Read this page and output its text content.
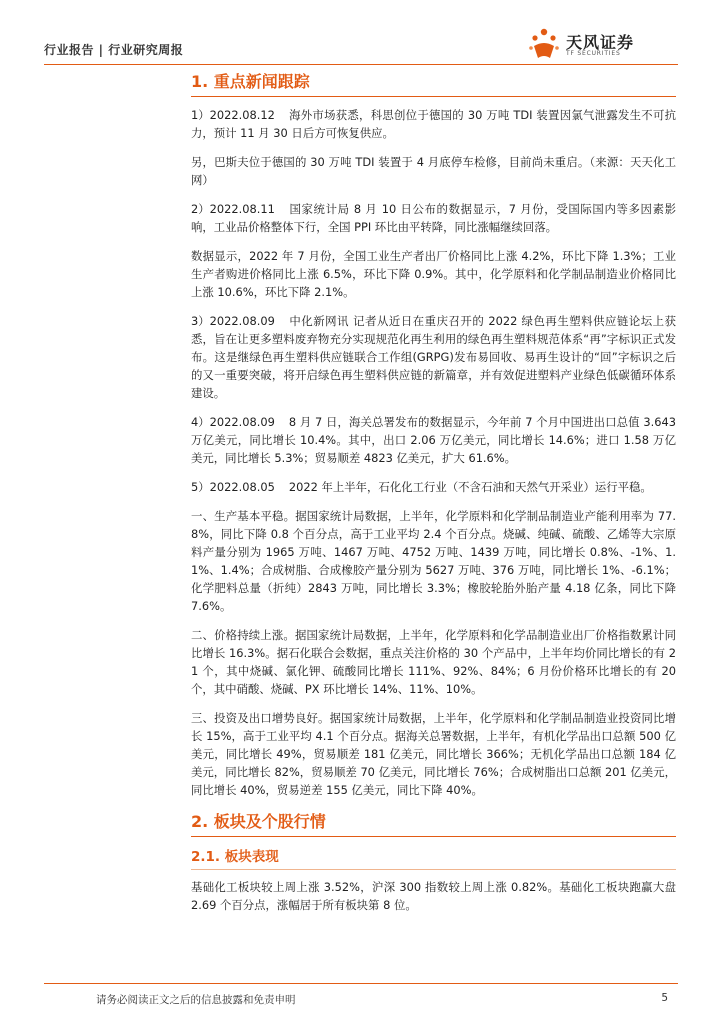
行业报告 | 行业研究周报	天风证券
TF SECURITIES
1. 重点新闻跟踪

1）2022.08.12 海外市场获悉，科思创位于德国的 30 万吨 TDI 装置因氯气泄露发生不可抗力，预计 11 月 30 日后方可恢复供应。

另，巴斯夫位于德国的 30 万吨 TDI 装置于 4 月底停车检修，目前尚未重启。（来源：天天化工网）

2）2022.08.11 国家统计局 8 月 10 日公布的数据显示，7 月份，受国际国内等多因素影响，工业品价格整体下行，全国 PPI 环比由平转降，同比涨幅继续回落。

数据显示，2022 年 7 月份，全国工业生产者出厂价格同比上涨 4.2%，环比下降 1.3%；工业生产者购进价格同比上涨 6.5%，环比下降 0.9%。其中，化学原料和化学制品制造业价格同比上涨 10.6%，环比下降 2.1%。

3）2022.08.09 中化新网讯 记者从近日在重庆召开的 2022 绿色再生塑料供应链论坛上获悉，旨在让更多塑料废弃物充分实现规范化再生利用的绿色再生塑料规范体系“再”字标识正式发布。这是继绿色再生塑料供应链联合工作组(GRPG)发布易回收、易再生设计的“回”字标识之后的又一重要突破，将开启绿色再生塑料供应链的新篇章，并有效促进塑料产业绿色低碳循环体系建设。

4）2022.08.09 8 月 7 日，海关总署发布的数据显示，今年前 7 个月中国进出口总值 3.643 万亿美元，同比增长 10.4%。其中，出口 2.06 万亿美元，同比增长 14.6%；进口 1.58 万亿美元，同比增长 5.3%；贸易顺差 4823 亿美元，扩大 61.6%。

5）2022.08.05 2022 年上半年，石化化工行业（不含石油和天然气开采业）运行平稳。

一、生产基本平稳。据国家统计局数据，上半年，化学原料和化学制品制造业产能利用率为 77.8%，同比下降 0.8 个百分点，高于工业平均 2.4 个百分点。烧碱、纯碱、硫酸、乙烯等大宗原料产量分别为 1965 万吨、1467 万吨、4752 万吨、1439 万吨，同比增长 0.8%、-1%、1.1%、1.4%；合成树脂、合成橡胶产量分别为 5627 万吨、376 万吨，同比增长 1%、-6.1%；化学肥料总量（折纯）2843 万吨，同比增长 3.3%；橡胶轮胎外胎产量 4.18 亿条，同比下降 7.6%。

二、价格持续上涨。据国家统计局数据，上半年，化学原料和化学品制造业出厂价格指数累计同比增长 16.3%。据石化联合会数据，重点关注价格的 30 个产品中，上半年均价同比增长的有 21 个，其中烧碱、氯化钾、硫酸同比增长 111%、92%、84%；6 月份价格环比增长的有 20 个，其中硝酸、烧碱、PX 环比增长 14%、11%、10%。

三、投资及出口增势良好。据国家统计局数据，上半年，化学原料和化学制品制造业投资同比增长 15%，高于工业平均 4.1 个百分点。据海关总署数据，上半年，有机化学品出口总额 500 亿美元，同比增长 49%，贸易顺差 181 亿美元，同比增长 366%；无机化学品出口总额 184 亿美元，同比增长 82%，贸易顺差 70 亿美元，同比增长 76%；合成树脂出口总额 201 亿美元，同比增长 40%，贸易逆差 155 亿美元，同比下降 40%。

2. 板块及个股行情
2.1. 板块表现

基础化工板块较上周上涨 3.52%，沪深 300 指数较上周上涨 0.82%。基础化工板块跑赢大盘 2.69 个百分点，涨幅居于所有板块第 8 位。

请务必阅读正文之后的信息披露和免责申明	5
